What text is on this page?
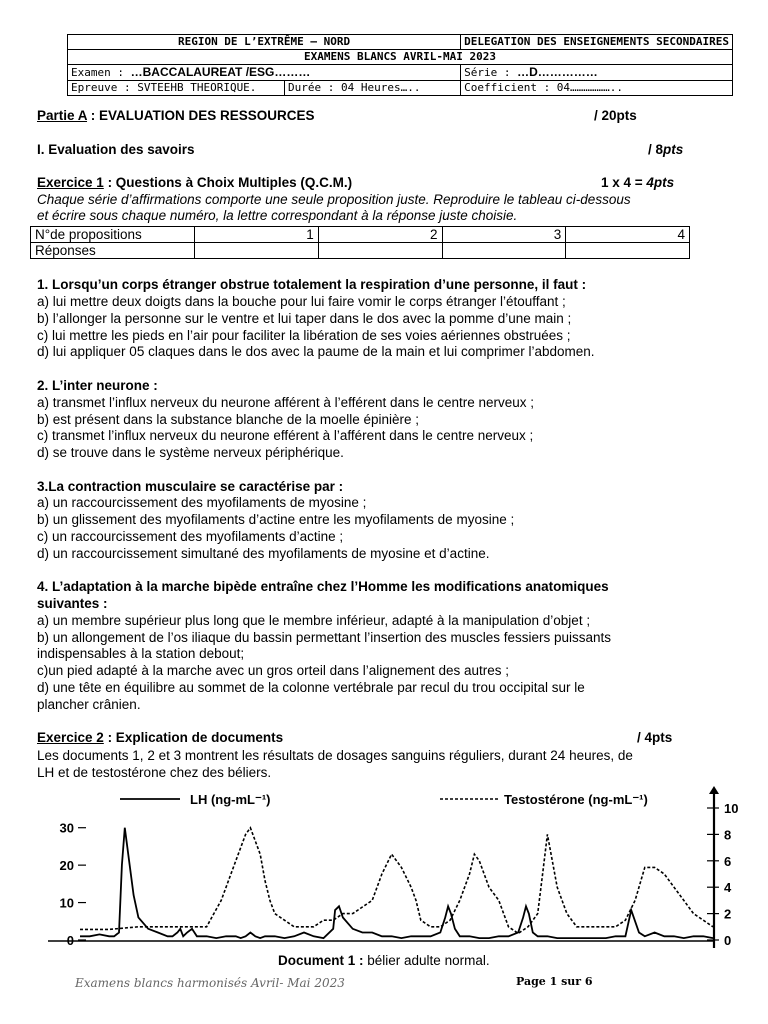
REGION DE L’EXTRÊME – NORD		DELEGATION DES ENSEIGNEMENTS SECONDAIRES
EXAMENS BLANCS AVRIL-MAI 2023		
Examen : …BACCALAUREAT /ESG………		Série : …D……………
Epreuve : SVTEEHB THEORIQUE.	Durée : 04 Heures…..	Coefficient : 04………………..
Partie A : EVALUATION DES RESSOURCES	/ 20pts
I. Evaluation des savoirs	/ 8pts
Exercice 1 : Questions à Choix Multiples (Q.C.M.)	1 x 4 = 4pts
Chaque série d’affirmations comporte une seule proposition juste. Reproduire le tableau ci-dessous
et écrire sous chaque numéro, la lettre correspondant à la réponse juste choisie.
N°de propositions	1	2	3	4
Réponses				
1. Lorsqu’un corps étranger obstrue totalement la respiration d’une personne, il faut :
a) lui mettre deux doigts dans la bouche pour lui faire vomir le corps étranger l’étouffant ;
b) l’allonger la personne sur le ventre et lui taper dans le dos avec la pomme d’une main ;
c) lui mettre les pieds en l’air pour faciliter la libération de ses voies aériennes obstruées ;
d) lui appliquer 05 claques dans le dos avec la paume de la main et lui comprimer l’abdomen.
2. L’inter neurone :
a) transmet l’influx nerveux du neurone afférent à l’efférent dans le centre nerveux ;
b) est présent dans la substance blanche de la moelle épinière ;
c) transmet l’influx nerveux du neurone efférent à l’afférent dans le centre nerveux ;
d) se trouve dans le système nerveux périphérique.
3.La contraction musculaire se caractérise par :
a) un raccourcissement des myofilaments de myosine ;
b) un glissement des myofilaments d’actine entre les myofilaments de myosine ;
c) un raccourcissement des myofilaments d’actine ;
d) un raccourcissement simultané des myofilaments de myosine et d’actine.
4. L’adaptation à la marche bipède entraîne chez l’Homme les modifications anatomiques
suivantes :
a) un membre supérieur plus long que le membre inférieur, adapté à la manipulation d’objet ;
b) un allongement de l’os iliaque du bassin permettant l’insertion des muscles fessiers puissants
indispensables à la station debout;
c)un pied adapté à la marche avec un gros orteil dans l’alignement des autres ;
d) une tête en équilibre au sommet de la colonne vertébrale par recul du trou occipital sur le
plancher crânien.
Exercice 2 : Explication de documents	/ 4pts
Les documents 1, 2 et 3 montrent les résultats de dosages sanguins réguliers, durant 24 heures, de
LH et de testostérone chez des béliers.
0
10
20
30
0
2
4
6
8
10
LH (ng-mL⁻¹)	Testostérone (ng-mL⁻¹)
Document 1 : bélier adulte normal.
Examens blancs harmonisés Avril- Mai 2023	Page 1 sur 6
